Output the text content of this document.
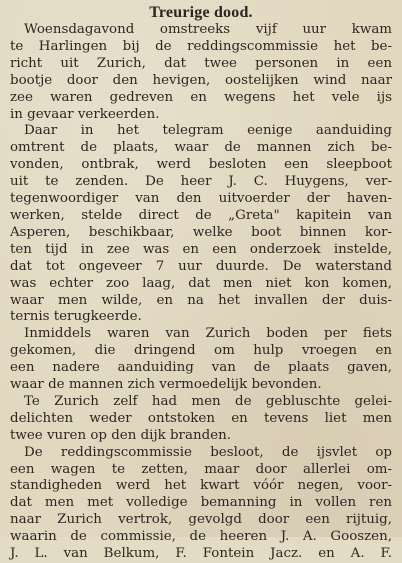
Treurige dood.

Woensdagavond omstreeks vijf uur kwam
te Harlingen bij de reddingscommissie het be-
richt uit Zurich, dat twee personen in een
bootje door den hevigen, oostelijken wind naar
zee waren gedreven en wegens het vele ijs
in gevaar verkeerden.

Daar in het telegram eenige aanduiding
omtrent de plaats, waar de mannen zich be-
vonden, ontbrak, werd besloten een sleepboot
uit te zenden. De heer J. C. Huygens, ver-
tegenwoordiger van den uitvoerder der haven-
werken, stelde direct de „Greta" kapitein van
Asperen, beschikbaar, welke boot binnen kor-
ten tijd in zee was en een onderzoek instelde,
dat tot ongeveer 7 uur duurde. De waterstand
was echter zoo laag, dat men niet kon komen,
waar men wilde, en na het invallen der duis-
ternis terugkeerde.

Inmiddels waren van Zurich boden per fiets
gekomen, die dringend om hulp vroegen en
een nadere aanduiding van de plaats gaven,
waar de mannen zich vermoedelijk bevonden.

Te Zurich zelf had men de gebluschte gelei-
delichten weder ontstoken en tevens liet men
twee vuren op den dijk branden.

De reddingscommissie besloot, de ijsvlet op
een wagen te zetten, maar door allerlei om-
standigheden werd het kwart vóór negen, voor-
dat men met volledige bemanning in vollen ren
naar Zurich vertrok, gevolgd door een rijtuig,
waarin de commissie, de heeren J. A. Gooszen,
J. L. van Belkum, F. Fontein Jacz. en A. F.
